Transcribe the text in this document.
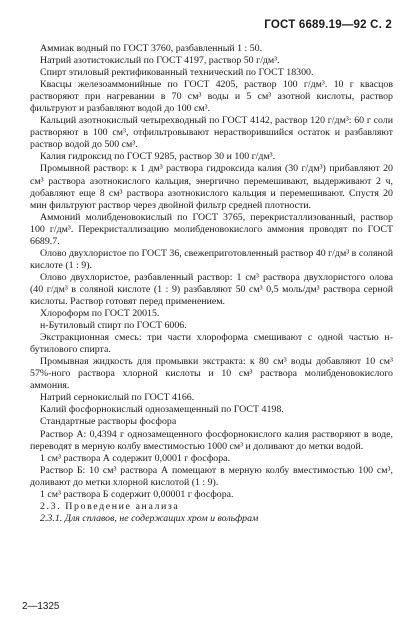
ГОСТ 6689.19—92 С. 2

Аммиак водный по ГОСТ 3760, разбавленный 1 : 50.

Натрий азотистокислый по ГОСТ 4197, раствор 50 г/дм³.

Спирт этиловый ректификованный технический по ГОСТ 18300.

Квасцы железоаммонийные по ГОСТ 4205, раствор 100 г/дм³. 10 г квасцов растворяют при нагревании в 70 см³ воды и 5 см³ азотной кислоты, раствор фильтруют и разбавляют водой до 100 см³.

Кальций азотнокислый четырехводный по ГОСТ 4142, раствор 120 г/дм³: 60 г соли растворяют в 100 см³, отфильтровывают нерастворившийся остаток и разбавляют раствор водой до 500 см³.

Калия гидроксид по ГОСТ 9285, раствор 30 и 100 г/дм³.

Промывной раствор: к 1 дм³ раствора гидроксида калия (30 г/дм³) прибавляют 20 см³ раствора азотнокислого кальция, энергично перемешивают, выдерживают 2 ч, добавляют еще 8 см³ раствора азотнокислого кальция и перемешивают. Спустя 20 мин фильтруют раствор через двойной фильтр средней плотности.

Аммоний молибденовокислый по ГОСТ 3765, перекристаллизованный, раствор 100 г/дм³. Перекристаллизацию молибденовокислого аммония проводят по ГОСТ 6689.7.

Олово двухлористое по ГОСТ 36, свежеприготовленный раствор 40 г/дм³ в соляной кислоте (1 : 9).

Олово двухлористое, разбавленный раствор: 1 см³ раствора двухлористого олова (40 г/дм³ в соляной кислоте (1 : 9) разбавляют 50 см³ 0,5 моль/дм³ раствора серной кислоты. Раствор готовят перед применением.

Хлороформ по ГОСТ 20015.

н-Бутиловый спирт по ГОСТ 6006.

Экстракционная смесь: три части хлороформа смешивают с одной частью н-бутилового спирта.

Промывная жидкость для промывки экстракта: к 80 см³ воды добавляют 10 см³ 57%-ного раствора хлорной кислоты и 10 см³ раствора молибденовокислого аммония.

Натрий сернокислый по ГОСТ 4166.

Калий фосфорнокислый однозамещенный по ГОСТ 4198.

Стандартные растворы фосфора

Раствор А: 0,4394 г однозамещенного фосфорнокислого калия растворяют в воде, переводят в мерную колбу вместимостью 1000 см³ и доливают до метки водой.

1 см³ раствора А содержит 0,0001 г фосфора.

Раствор Б: 10 см³ раствора А помещают в мерную колбу вместимостью 100 см³, доливают до метки хлорной кислотой (1 : 9).

1 см³ раствора Б содержит 0,00001 г фосфора.

2.3. Проведение анализа

2.3.1. Для сплавов, не содержащих хром и вольфрам

2—1325
